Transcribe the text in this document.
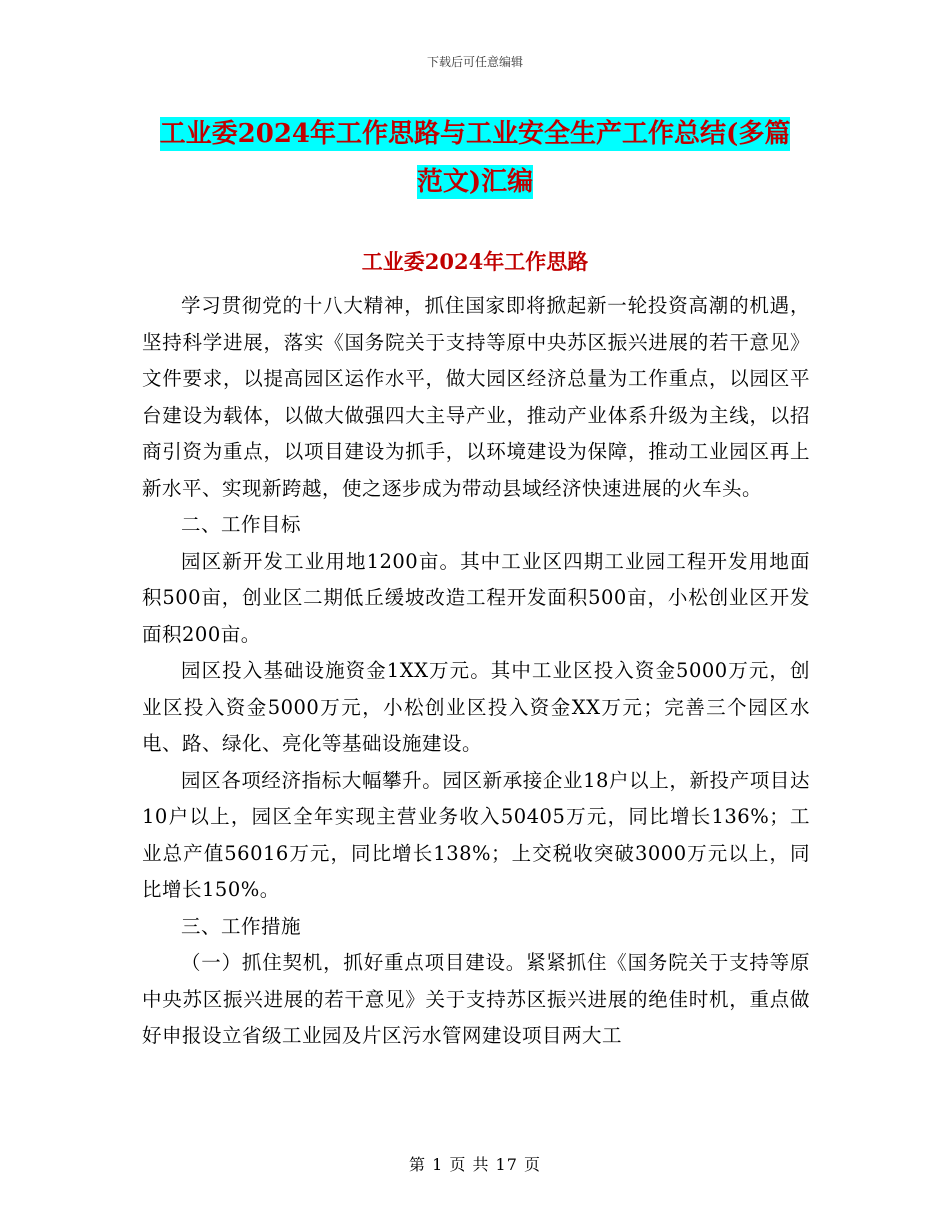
下载后可任意编辑
工业委2024年工作思路与工业安全生产工作总结(多篇范文)汇编
工业委2024年工作思路

学习贯彻党的十八大精神，抓住国家即将掀起新一轮投资高潮的机遇，坚持科学进展，落实《国务院关于支持等原中央苏区振兴进展的若干意见》文件要求，以提高园区运作水平，做大园区经济总量为工作重点，以园区平台建设为载体，以做大做强四大主导产业，推动产业体系升级为主线，以招商引资为重点，以项目建设为抓手，以环境建设为保障，推动工业园区再上新水平、实现新跨越，使之逐步成为带动县域经济快速进展的火车头。

二、工作目标

园区新开发工业用地1200亩。其中工业区四期工业园工程开发用地面积500亩，创业区二期低丘缓坡改造工程开发面积500亩，小松创业区开发面积200亩。

园区投入基础设施资金1XX万元。其中工业区投入资金5000万元，创业区投入资金5000万元，小松创业区投入资金XX万元；完善三个园区水电、路、绿化、亮化等基础设施建设。

园区各项经济指标大幅攀升。园区新承接企业18户以上，新投产项目达10户以上，园区全年实现主营业务收入50405万元，同比增长136%；工业总产值56016万元，同比增长138%；上交税收突破3000万元以上，同比增长150%。

三、工作措施

（一）抓住契机，抓好重点项目建设。紧紧抓住《国务院关于支持等原中央苏区振兴进展的若干意见》关于支持苏区振兴进展的绝佳时机，重点做好申报设立省级工业园及片区污水管网建设项目两大工

第 1 页 共 17 页
